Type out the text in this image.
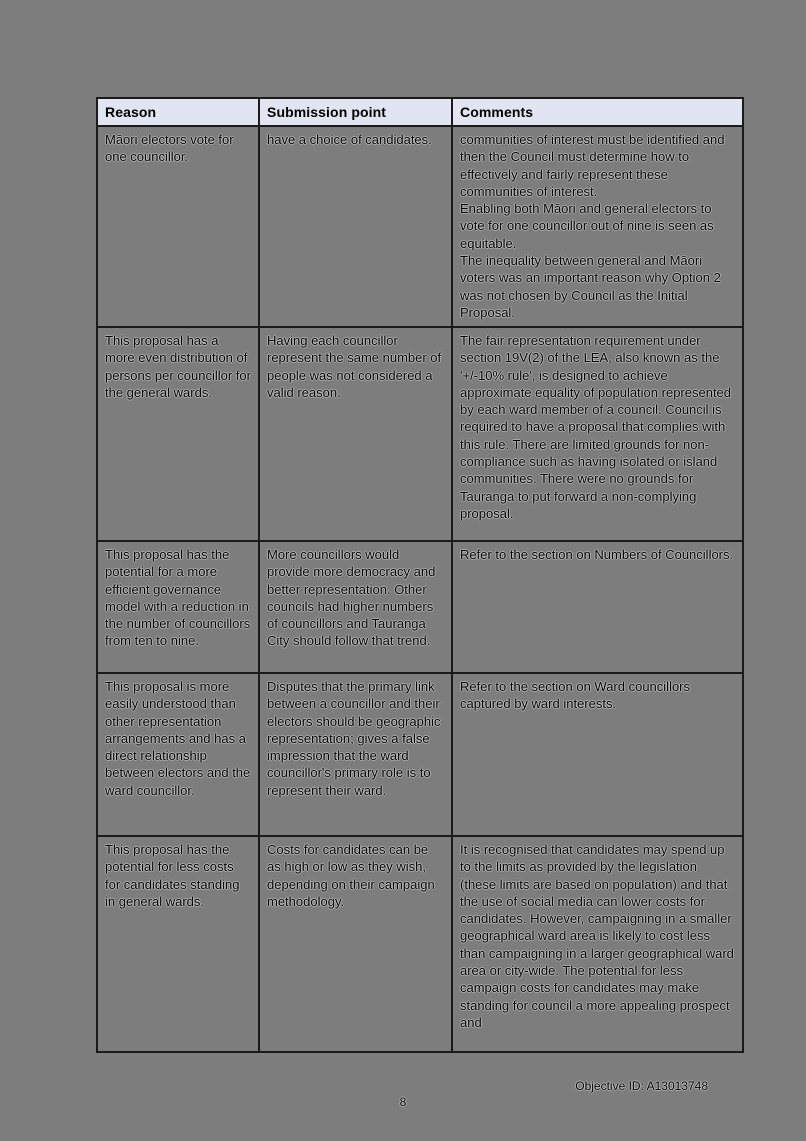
Reason	Submission point	Comments

Māori electors vote for one councillor.	have a choice of candidates.	communities of interest must be identified and then the Council must determine how to effectively and fairly represent these communities of interest.
Enabling both Māori and general electors to vote for one councillor out of nine is seen as equitable.
The inequality between general and Māori voters was an important reason why Option 2 was not chosen by Council as the Initial Proposal.

This proposal has a more even distribution of persons per councillor for the general wards.	Having each councillor represent the same number of people was not considered a valid reason.	The fair representation requirement under section 19V(2) of the LEA, also known as the '+/-10% rule', is designed to achieve approximate equality of population represented by each ward member of a council. Council is required to have a proposal that complies with this rule. There are limited grounds for non-compliance such as having isolated or island communities. There were no grounds for Tauranga to put forward a non-complying proposal.

This proposal has the potential for a more efficient governance model with a reduction in the number of councillors from ten to nine.	More councillors would provide more democracy and better representation. Other councils had higher numbers of councillors and Tauranga City should follow that trend.	Refer to the section on Numbers of Councillors.

This proposal is more easily understood than other representation arrangements and has a direct relationship between electors and the ward councillor.	Disputes that the primary link between a councillor and their electors should be geographic representation; gives a false impression that the ward councillor's primary role is to represent their ward.	Refer to the section on Ward councillors captured by ward interests.

This proposal has the potential for less costs for candidates standing in general wards.	Costs for candidates can be as high or low as they wish, depending on their campaign methodology.	It is recognised that candidates may spend up to the limits as provided by the legislation (these limits are based on population) and that the use of social media can lower costs for candidates. However, campaigning in a smaller geographical ward area is likely to cost less than campaigning in a larger geographical ward area or city-wide. The potential for less campaign costs for candidates may make standing for council a more appealing prospect and
Objective ID: A13013748
8
